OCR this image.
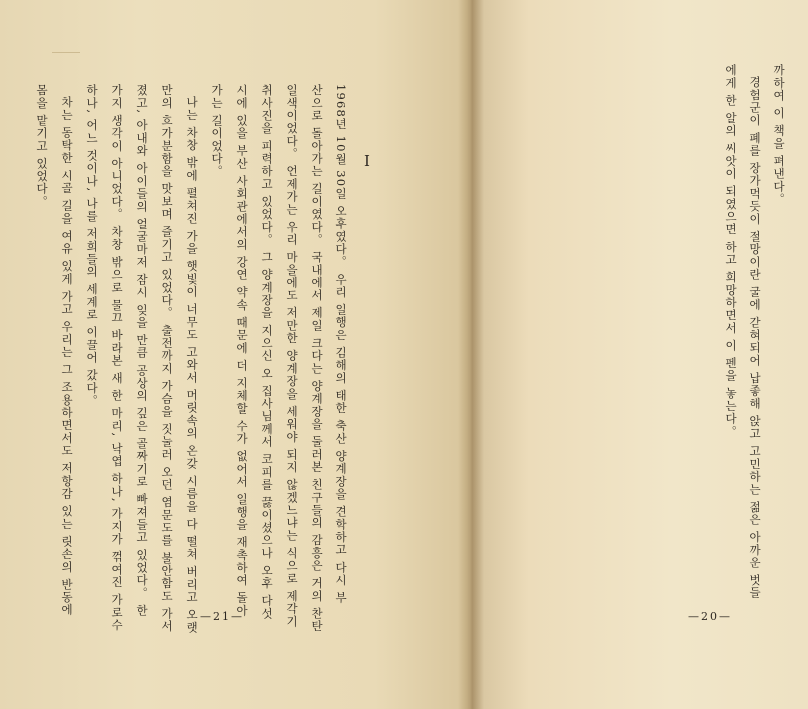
I
1968년 10월 30일 오후였다。 우리 일행은 김해의 태한 축산 양계장을 견학하고 다시 부
산으로 돌아가는 길이였다。 국내에서 제일 크다는 양계장을 둘러본 친구들의 감흥은 거의 찬탄
일색이었다。 언제가는 우리 마을에도 저만한 양계장을 세워야 되지 않겠느냐는 식으로 제각기
취사진을 피력하고 있었다。 그 양계장을 지으신 오 집사님께서 코피를 끓이셨으나 오후 다섯
시에 있을 부산 사회관에서의 강연 약속 때문에 더 지체할 수가 없어서 일행을 재촉하여 돌아
가는 길이었다。
나는 차창 밖에 펼쳐진 가을 햇빛이 너무도 고와서 머릿속의 온갖 시름을 다 떨쳐 버리고 오랫
만의 흐가분함을 맛보며 즐기고 있었다。 출전까지 가슴을 짓눌러 오던 염문도를 불안함도 가서
졌고, 아내와 아이들의 얼굴마저 잠시 잊을 만큼 공상의 깊은 골짜기로 빠져들고 있었다。 한
가지 생각이 아니었다。 차창 밖으로 물끄 바라본 새 한 마리, 낙엽 하나, 가지가 꺾여진 가로수
하나, 어느 것이나, 나를 저희들의 세계로 이끌어 갔다。
차는 동탁한 시골 길을 여유 있게 가고 우리는 그 조용하면서도 저항감 있는 릿손의 반동에
몸을 맡기고 있었다。
—21—
까하여 이 책을 펴낸다。
경험군이 폐를 장가먹듯이 절망이란 굴에 갇혀되어 납좋해 앉고 고민하는 젊은 아까운 벗들
에게 한 알의 씨앗이 되였으면 하고 희망하면서 이 펜을 놓는다。
—20—
